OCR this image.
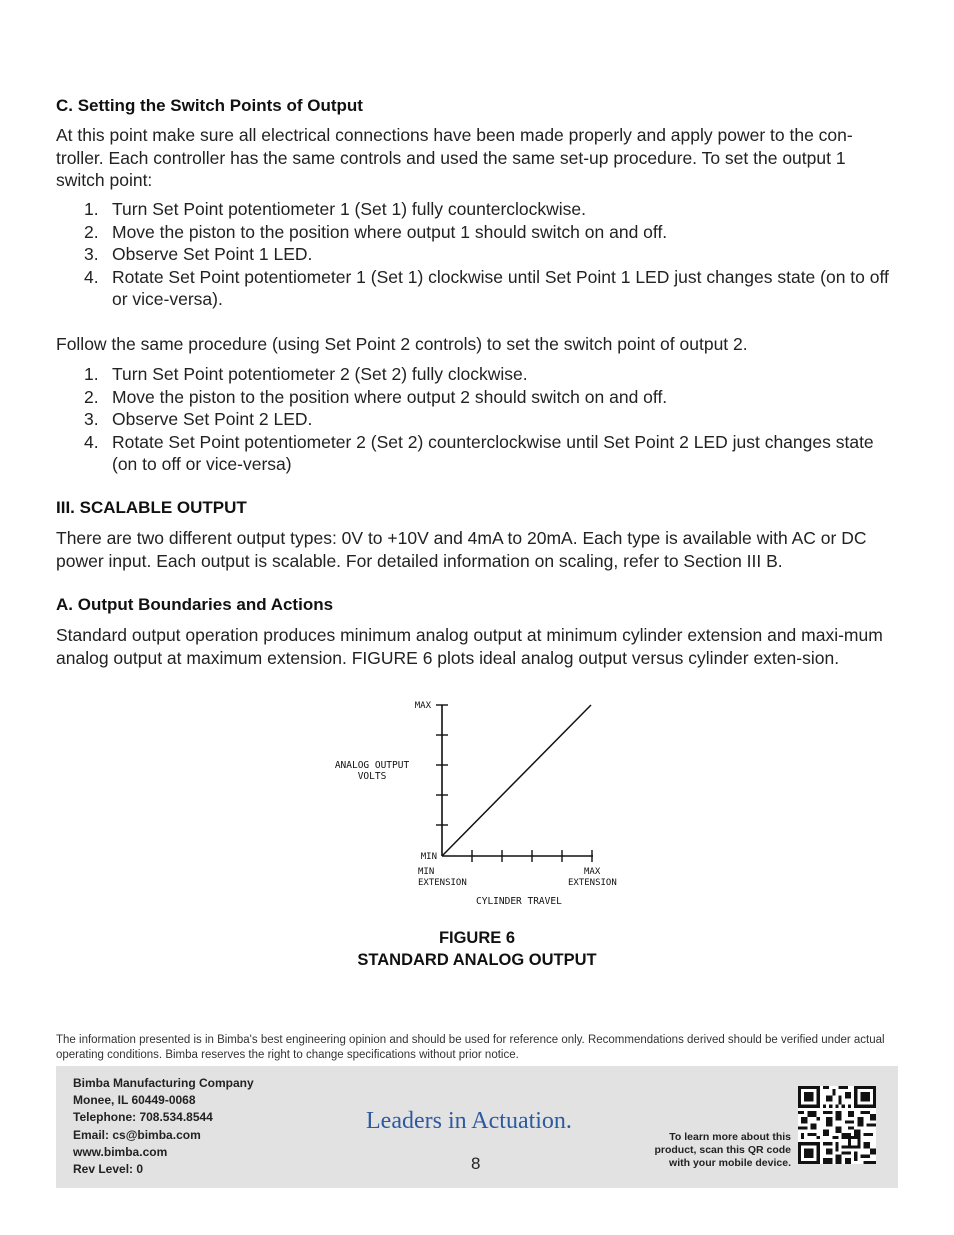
C. Setting the Switch Points of Output

At this point make sure all electrical connections have been made properly and apply power to the con-troller. Each controller has the same controls and used the same set-up procedure. To set the output 1 switch point:

1. Turn Set Point potentiometer 1 (Set 1) fully counterclockwise.
2. Move the piston to the position where output 1 should switch on and off.
3. Observe Set Point 1 LED.
4. Rotate Set Point potentiometer 1 (Set 1) clockwise until Set Point 1 LED just changes state (on to off or vice-versa).

Follow the same procedure (using Set Point 2 controls) to set the switch point of output 2.

1. Turn Set Point potentiometer 2 (Set 2) fully clockwise.
2. Move the piston to the position where output 2 should switch on and off.
3. Observe Set Point 2 LED.
4. Rotate Set Point potentiometer 2 (Set 2) counterclockwise until Set Point 2 LED just changes state (on to off or vice-versa)
III. SCALABLE OUTPUT

There are two different output types: 0V to +10V and 4mA to 20mA. Each type is available with AC or DC power input. Each output is scalable. For detailed information on scaling, refer to Section III B.

A. Output Boundaries and Actions

Standard output operation produces minimum analog output at minimum cylinder extension and maxi-mum analog output at maximum extension. FIGURE 6 plots ideal analog output versus cylinder exten-sion.

MAX
ANALOG OUTPUT
VOLTS
MIN
MIN
EXTENSION
MAX
EXTENSION
CYLINDER TRAVEL
FIGURE 6
STANDARD ANALOG OUTPUT

The information presented is in Bimba's best engineering opinion and should be used for reference only. Recommendations derived should be verified under actual operating conditions. Bimba reserves the right to change specifications without prior notice.

Bimba Manufacturing Company
Monee, IL 60449-0068
Telephone: 708.534.8544
Email: cs@bimba.com
www.bimba.com
Rev Level: 0
Leaders in Actuation.
8
To learn more about this
product, scan this QR code
with your mobile device.
